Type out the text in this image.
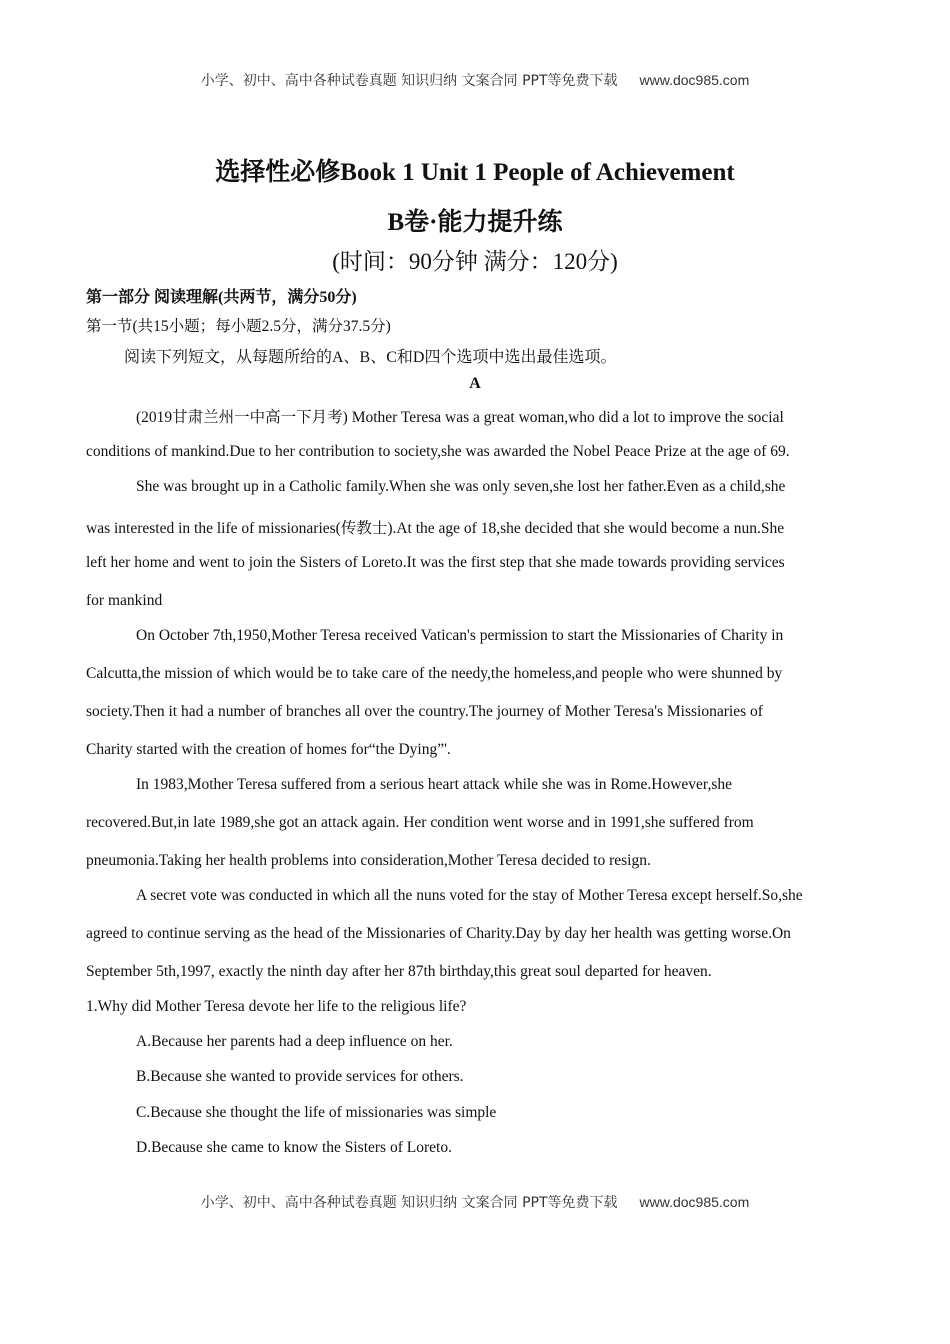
小学、初中、高中各种试卷真题 知识归纳 文案合同 PPT等免费下载 www.doc985.com
选择性必修Book 1 Unit 1 People of Achievement
B卷·能力提升练
(时间：90分钟 满分：120分)
第一部分 阅读理解(共两节，满分50分)
第一节(共15小题；每小题2.5分，满分37.5分)
阅读下列短文，从每题所给的A、B、C和D四个选项中选出最佳选项。
A
(2019甘肃兰州一中高一下月考) Mother Teresa was a great woman,who did a lot to improve the social
conditions of mankind.Due to her contribution to society,she was awarded the Nobel Peace Prize at the age of 69.
She was brought up in a Catholic family.When she was only seven,she lost her father.Even as a child,she
was interested in the life of missionaries(传教士).At the age of 18,she decided that she would become a nun.She
left her home and went to join the Sisters of Loreto.It was the first step that she made towards providing services
for mankind
On October 7th,1950,Mother Teresa received Vatican's permission to start the Missionaries of Charity in
Calcutta,the mission of which would be to take care of the needy,the homeless,and people who were shunned by
society.Then it had a number of branches all over the country.The journey of Mother Teresa's Missionaries of
Charity started with the creation of homes for“the Dying”'.
In 1983,Mother Teresa suffered from a serious heart attack while she was in Rome.However,she
recovered.But,in late 1989,she got an attack again. Her condition went worse and in 1991,she suffered from
pneumonia.Taking her health problems into consideration,Mother Teresa decided to resign.
A secret vote was conducted in which all the nuns voted for the stay of Mother Teresa except herself.So,she
agreed to continue serving as the head of the Missionaries of Charity.Day by day her health was getting worse.On
September 5th,1997, exactly the ninth day after her 87th birthday,this great soul departed for heaven.
1.Why did Mother Teresa devote her life to the religious life?
A.Because her parents had a deep influence on her.
B.Because she wanted to provide services for others.
C.Because she thought the life of missionaries was simple
D.Because she came to know the Sisters of Loreto.
小学、初中、高中各种试卷真题 知识归纳 文案合同 PPT等免费下载 www.doc985.com
